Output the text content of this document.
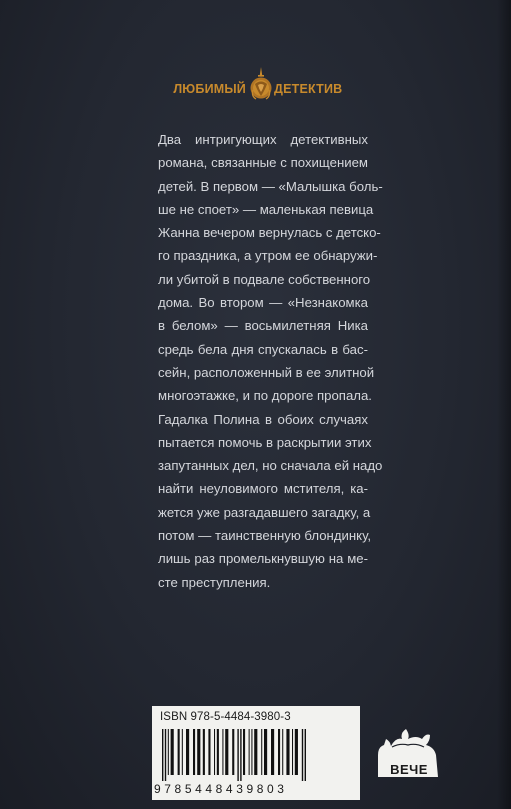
ЛЮБИМЫЙ ДЕТЕКТИВ
Два интригующих детективных
романа, связанные с похищением
детей. В первом — «Малышка боль-
ше не споет» — маленькая певица
Жанна вечером вернулась с детско-
го праздника, а утром ее обнаружи-
ли убитой в подвале собственного
дома. Во втором — «Незнакомка
в белом» — восьмилетняя Ника
средь бела дня спускалась в бас-
сейн, расположенный в ее элитной
многоэтажке, и по дороге пропала.
Гадалка Полина в обоих случаях
пытается помочь в раскрытии этих
запутанных дел, но сначала ей надо
найти неуловимого мстителя, ка-
жется уже разгадавшего загадку, а
потом — таинственную блондинку,
лишь раз промелькнувшую на ме-
сте преступления.
ISBN 978-5-4484-3980-3
9785448439803
ВЕЧЕ
